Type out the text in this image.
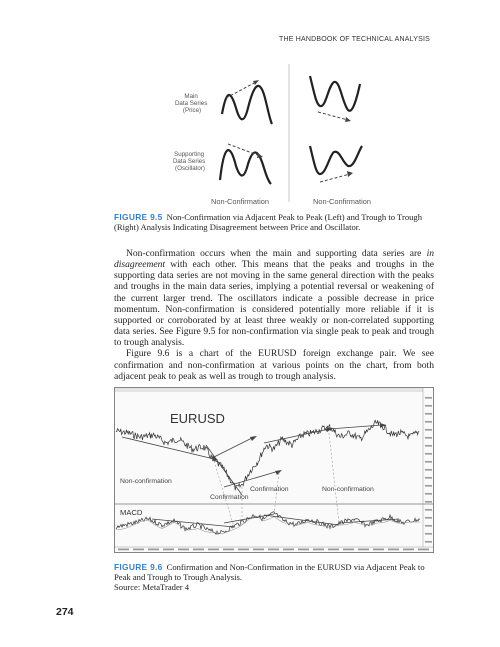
THE HANDBOOK OF TECHNICAL ANALYSIS
Main Data Series (Price)
Supporting Data Series (Oscillator)
Non-Confirmation	Non-Confirmation
FIGURE 9.5 Non-Confirmation via Adjacent Peak to Peak (Left) and Trough to Trough (Right) Analysis Indicating Disagreement between Price and Oscillator.

Non-confirmation occurs when the main and supporting data series are in disagreement with each other. This means that the peaks and troughs in the supporting data series are not moving in the same general direction with the peaks and troughs in the main data series, implying a potential reversal or weakening of the current larger trend. The oscillators indicate a possible decrease in price momentum. Non-confirmation is considered potentially more reliable if it is supported or corroborated by at least three weakly or non-correlated supporting data series. See Figure 9.5 for non-confirmation via single peak to peak and trough to trough analysis.

Figure 9.6 is a chart of the EURUSD foreign exchange pair. We see confirmation and non-confirmation at various points on the chart, from both adjacent peak to peak as well as trough to trough analysis.

EURUSD
Non-confirmation
Confirmation
Confirmation	Non-confirmation
MACD
FIGURE 9.6 Confirmation and Non-Confirmation in the EURUSD via Adjacent Peak to Peak and Trough to Trough Analysis.
Source: MetaTrader 4
274
